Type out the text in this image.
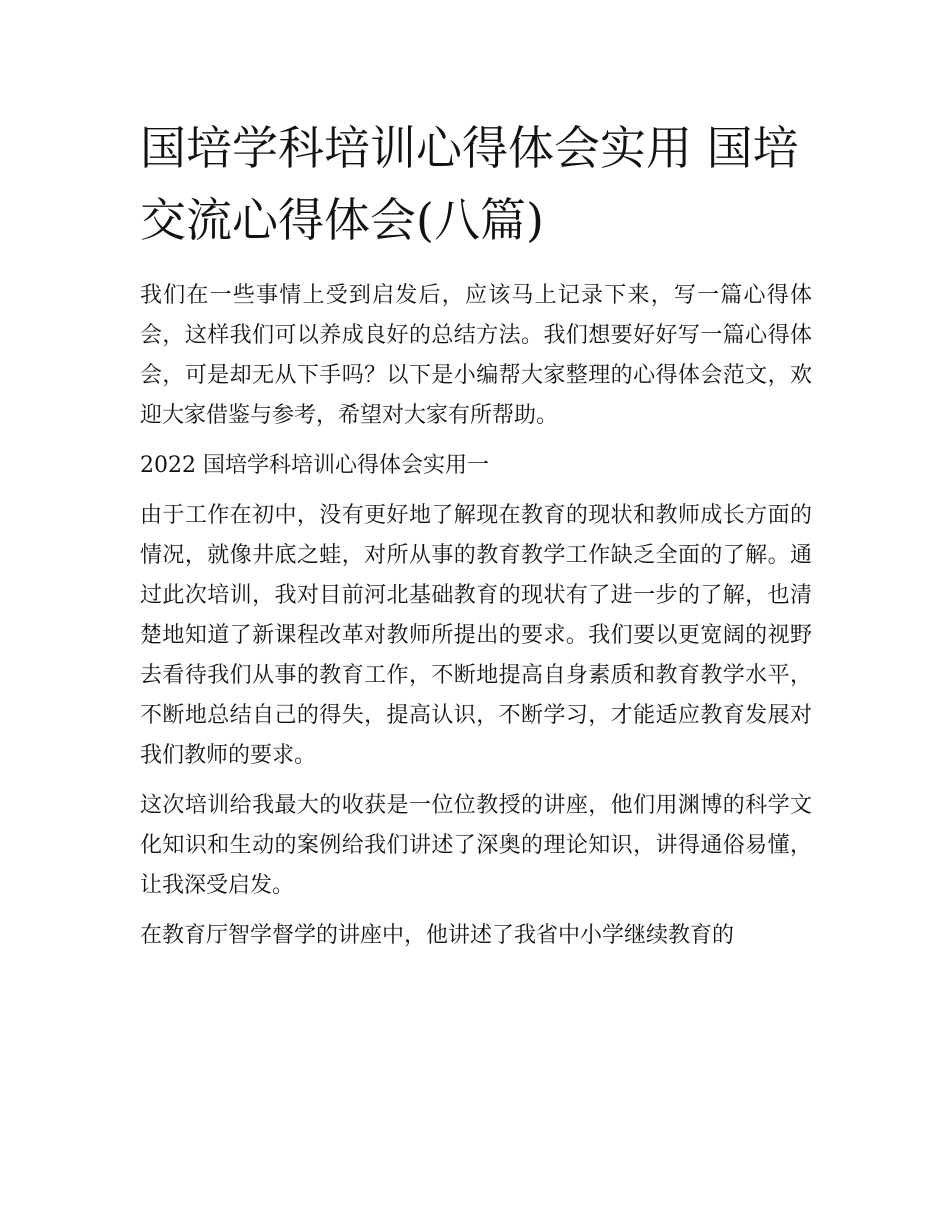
国培学科培训心得体会实用 国培交流心得体会(八篇)

我们在一些事情上受到启发后，应该马上记录下来，写一篇心得体会，这样我们可以养成良好的总结方法。我们想要好好写一篇心得体会，可是却无从下手吗？以下是小编帮大家整理的心得体会范文，欢迎大家借鉴与参考，希望对大家有所帮助。

2022 国培学科培训心得体会实用一

由于工作在初中，没有更好地了解现在教育的现状和教师成长方面的情况，就像井底之蛙，对所从事的教育教学工作缺乏全面的了解。通过此次培训，我对目前河北基础教育的现状有了进一步的了解，也清楚地知道了新课程改革对教师所提出的要求。我们要以更宽阔的视野去看待我们从事的教育工作，不断地提高自身素质和教育教学水平，不断地总结自己的得失，提高认识，不断学习，才能适应教育发展对我们教师的要求。

这次培训给我最大的收获是一位位教授的讲座，他们用渊博的科学文化知识和生动的案例给我们讲述了深奥的理论知识，讲得通俗易懂，让我深受启发。

在教育厅智学督学的讲座中，他讲述了我省中小学继续教育的
